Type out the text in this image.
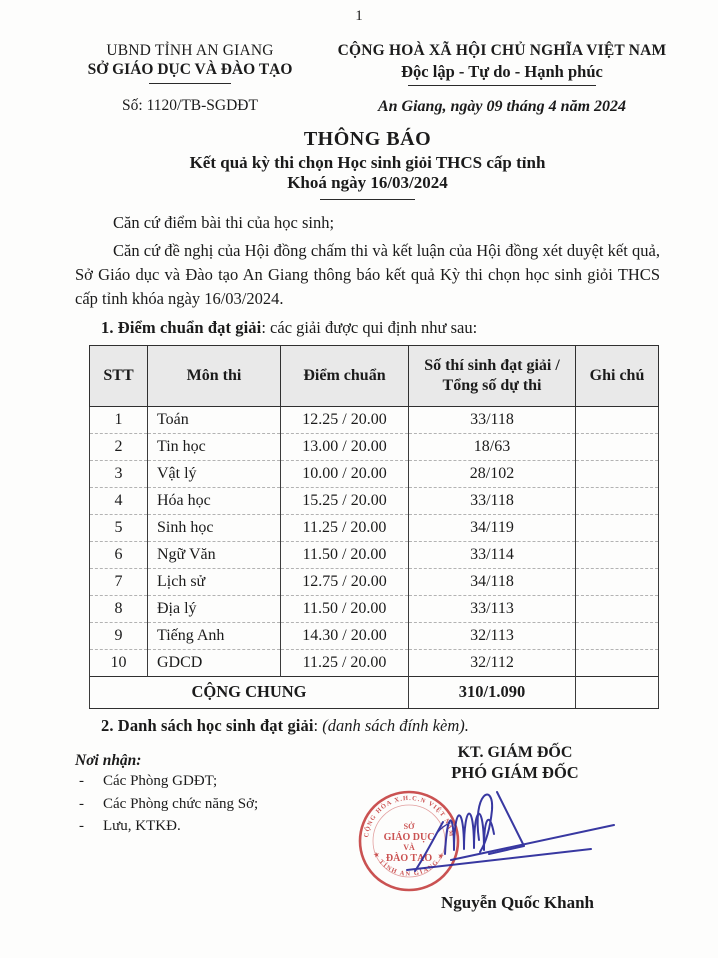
1
UBND TỈNH AN GIANG
SỞ GIÁO DỤC VÀ ĐÀO TẠO
Số: 1120/TB-SGDĐT
CỘNG HOÀ XÃ HỘI CHỦ NGHĨA VIỆT NAM
Độc lập - Tự do - Hạnh phúc
An Giang, ngày 09 tháng 4 năm 2024
THÔNG BÁO
Kết quả kỳ thi chọn Học sinh giỏi THCS cấp tỉnh
Khoá ngày 16/03/2024
Căn cứ điểm bài thi của học sinh;
Căn cứ đề nghị của Hội đồng chấm thi và kết luận của Hội đồng xét duyệt kết quả, Sở Giáo dục và Đào tạo An Giang thông báo kết quả Kỳ thi chọn học sinh giỏi THCS cấp tỉnh khóa ngày 16/03/2024.
1. Điểm chuẩn đạt giải: các giải được qui định như sau:
STT	Môn thi	Điểm chuẩn	Số thí sinh đạt giải / Tổng số dự thi	Ghi chú
1	Toán	12.25 / 20.00	33/118	
2	Tin học	13.00 / 20.00	18/63	
3	Vật lý	10.00 / 20.00	28/102	
4	Hóa học	15.25 / 20.00	33/118	
5	Sinh học	11.25 / 20.00	34/119	
6	Ngữ Văn	11.50 / 20.00	33/114	
7	Lịch sử	12.75 / 20.00	34/118	
8	Địa lý	11.50 / 20.00	33/113	
9	Tiếng Anh	14.30 / 20.00	32/113	
10	GDCD	11.25 / 20.00	32/112	
CỘNG CHUNG			310/1.090	
2. Danh sách học sinh đạt giải: (danh sách đính kèm).
Nơi nhận:
-	Các Phòng GDĐT;
-	Các Phòng chức năng Sở;
-	Lưu, KTKĐ.
KT. GIÁM ĐỐC
PHÓ GIÁM ĐỐC
CỘNG HÒA X.H.C.N VIỆT NAM
★ TỈNH AN GIANG ★
SỞ
GIÁO DỤC
VÀ
ĐÀO TẠO
Nguyễn Quốc Khanh
